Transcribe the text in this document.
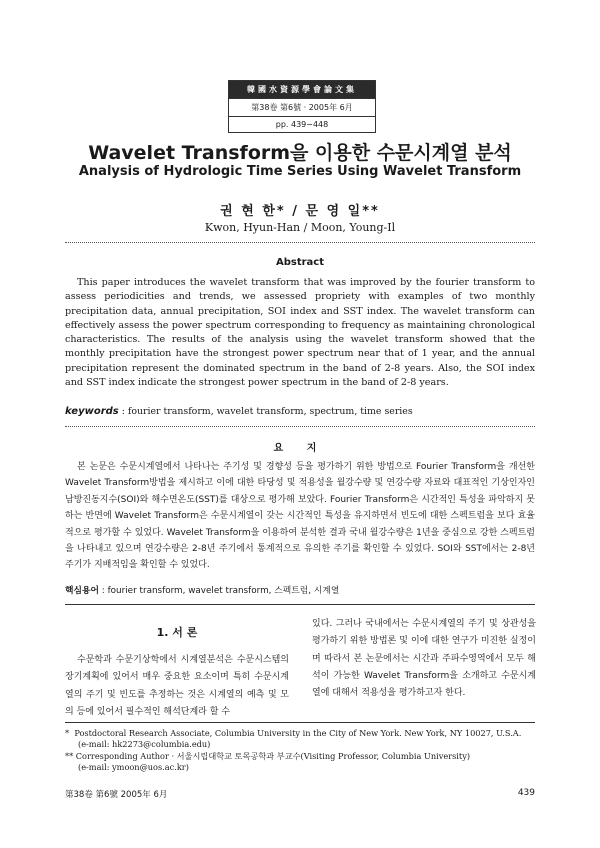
韓國水資源學會論文集
第38卷 第6號 · 2005年 6月
pp. 439∼448
Wavelet Transform을 이용한 수문시계열 분석
Analysis of Hydrologic Time Series Using Wavelet Transform
권 현 한* / 문 영 일**
Kwon, Hyun-Han / Moon, Young-Il
Abstract
This paper introduces the wavelet transform that was improved by the fourier transform to assess periodicities and trends, we assessed propriety with examples of two monthly precipitation data, annual precipitation, SOI index and SST index. The wavelet transform can effectively assess the power spectrum corresponding to frequency as maintaining chronological characteristics. The results of the analysis using the wavelet transform showed that the monthly precipitation have the strongest power spectrum near that of 1 year, and the annual precipitation represent the dominated spectrum in the band of 2-8 years. Also, the SOI index and SST index indicate the strongest power spectrum in the band of 2-8 years.
keywords : fourier transform, wavelet transform, spectrum, time series
요 지
본 논문은 수문시계열에서 나타나는 주기성 및 경향성 등을 평가하기 위한 방법으로 Fourier Transform을 개선한 Wavelet Transform방법을 제시하고 이에 대한 타당성 및 적용성을 월강수량 및 연강수량 자료와 대표적인 기상인자인 남방진동지수(SOI)와 해수면온도(SST)를 대상으로 평가해 보았다. Fourier Transform은 시간적인 특성을 파악하지 못하는 반면에 Wavelet Transform은 수문시계열이 갖는 시간적인 특성을 유지하면서 빈도에 대한 스펙트럼을 보다 효율적으로 평가할 수 있었다. Wavelet Transform을 이용하여 분석한 결과 국내 월강수량은 1년을 중심으로 강한 스펙트럼을 나타내고 있으며 연강수량은 2-8년 주기에서 통계적으로 유의한 주기를 확인할 수 있었다. SOI와 SST에서는 2-8년 주기가 지배적임을 확인할 수 있었다.
핵심용어 : fourier transform, wavelet transform, 스펙트럼, 시계열
1. 서 론

수문학과 수문기상학에서 시계열분석은 수문시스템의 장기계획에 있어서 매우 중요한 요소이며 특히 수문시계열의 주기 및 빈도를 추정하는 것은 시계열의 예측 및 모의 등에 있어서 필수적인 해석단계라 할 수

있다. 그러나 국내에서는 수문시계열의 주기 및 상관성을 평가하기 위한 방법론 및 이에 대한 연구가 미진한 실정이며 따라서 본 논문에서는 시간과 주파수영역에서 모두 해석이 가능한 Wavelet Transform을 소개하고 수문시계열에 대해서 적용성을 평가하고자 한다.

* Postdoctoral Research Associate, Columbia University in the City of New York. New York, NY 10027, U.S.A.

(e-mail: hk2273@columbia.edu)

** Corresponding Author · 서울시립대학교 토목공학과 부교수(Visiting Professor, Columbia University)

(e-mail: ymoon@uos.ac.kr)

第38卷 第6號 2005年 6月	439
